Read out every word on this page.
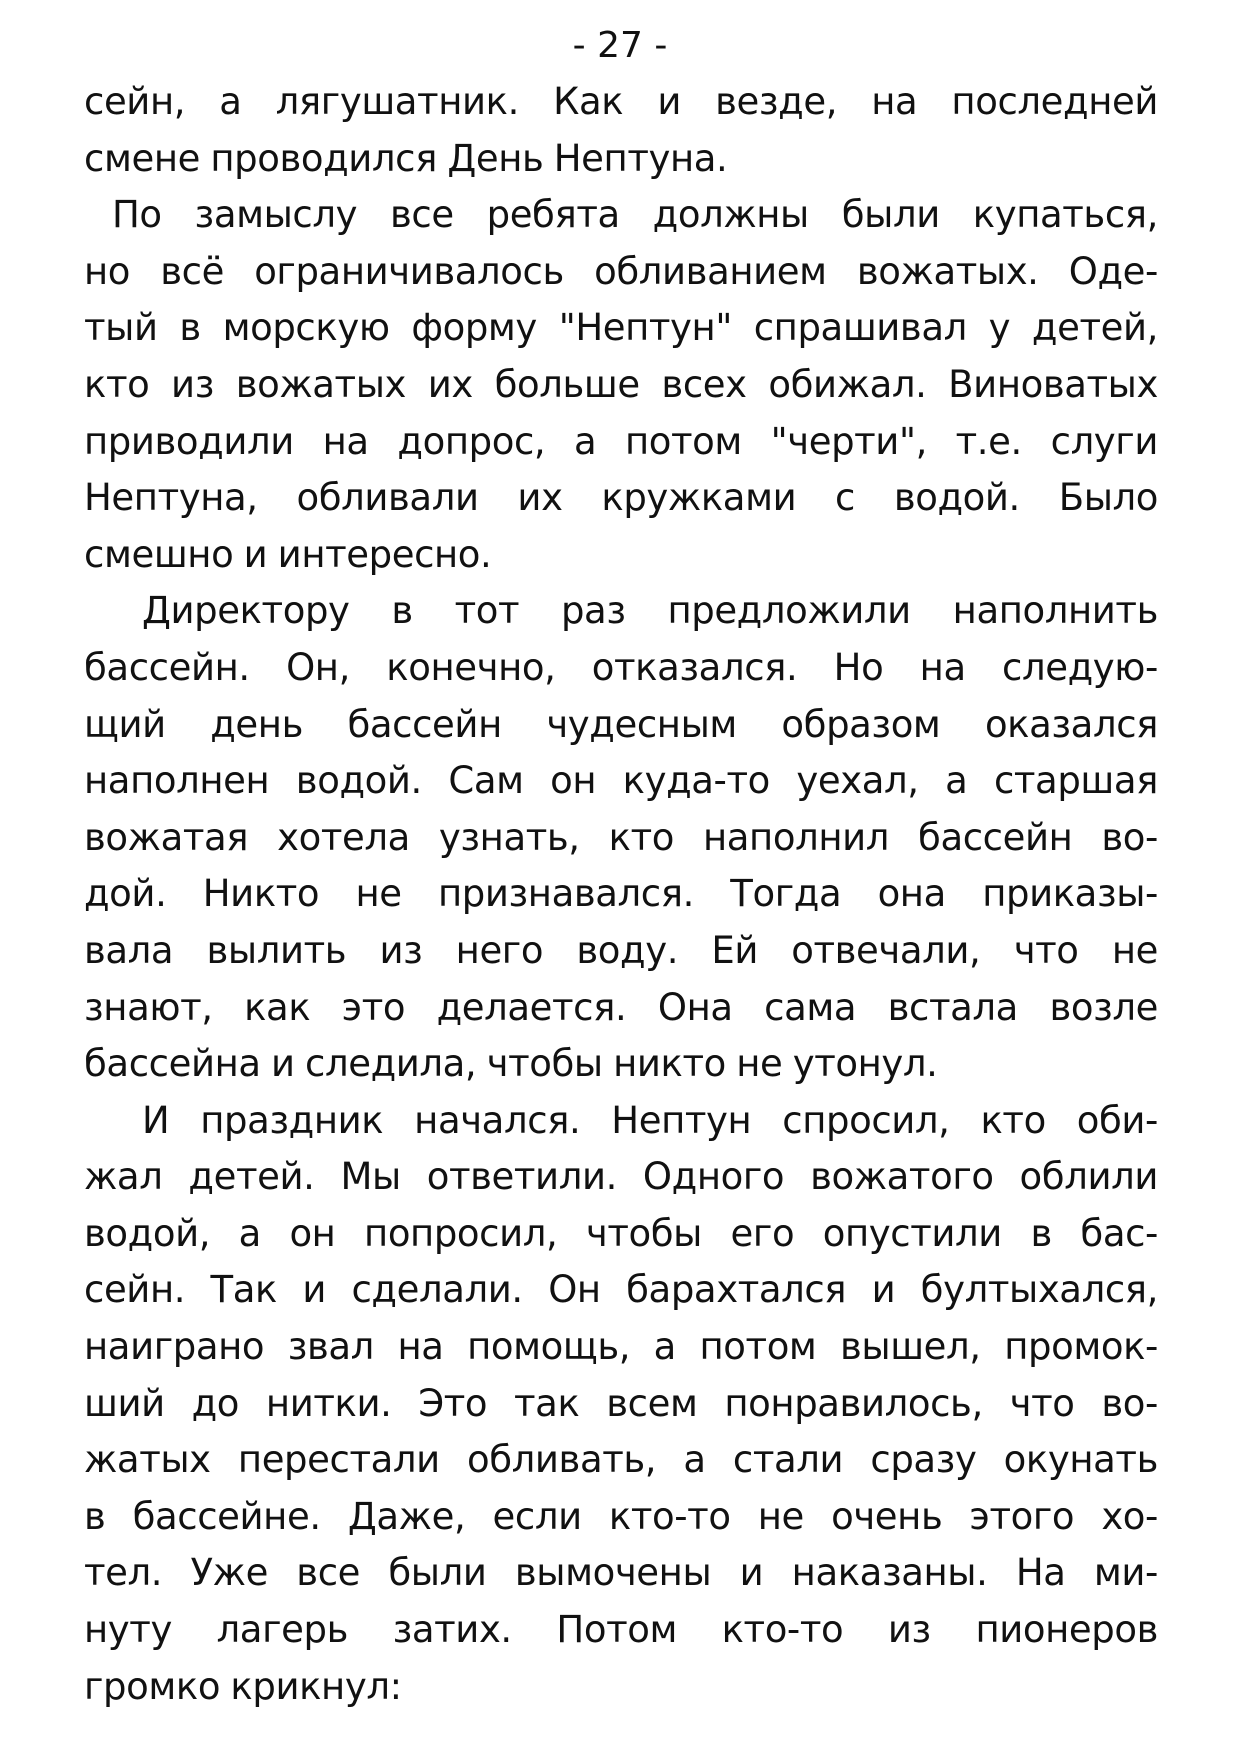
- 27 -
сейн, а лягушатник. Как и везде, на последней
смене проводился День Нептуна.
По замыслу все ребята должны были купаться,
но всё ограничивалось обливанием вожатых. Оде-
тый в морскую форму "Нептун" спрашивал у детей,
кто из вожатых их больше всех обижал. Виноватых
приводили на допрос, а потом "черти", т.е. слуги
Нептуна, обливали их кружками с водой. Было
смешно и интересно.
Директору в тот раз предложили наполнить
бассейн. Он, конечно, отказался. Но на следую-
щий день бассейн чудесным образом оказался
наполнен водой. Сам он куда-то уехал, а старшая
вожатая хотела узнать, кто наполнил бассейн во-
дой. Никто не признавался. Тогда она приказы-
вала вылить из него воду. Ей отвечали, что не
знают, как это делается. Она сама встала возле
бассейна и следила, чтобы никто не утонул.
И праздник начался. Нептун спросил, кто оби-
жал детей. Мы ответили. Одного вожатого облили
водой, а он попросил, чтобы его опустили в бас-
сейн. Так и сделали. Он барахтался и бултыхался,
наиграно звал на помощь, а потом вышел, промок-
ший до нитки. Это так всем понравилось, что во-
жатых перестали обливать, а стали сразу окунать
в бассейне. Даже, если кто-то не очень этого хо-
тел. Уже все были вымочены и наказаны. На ми-
нуту лагерь затих. Потом кто-то из пионеров
громко крикнул:
